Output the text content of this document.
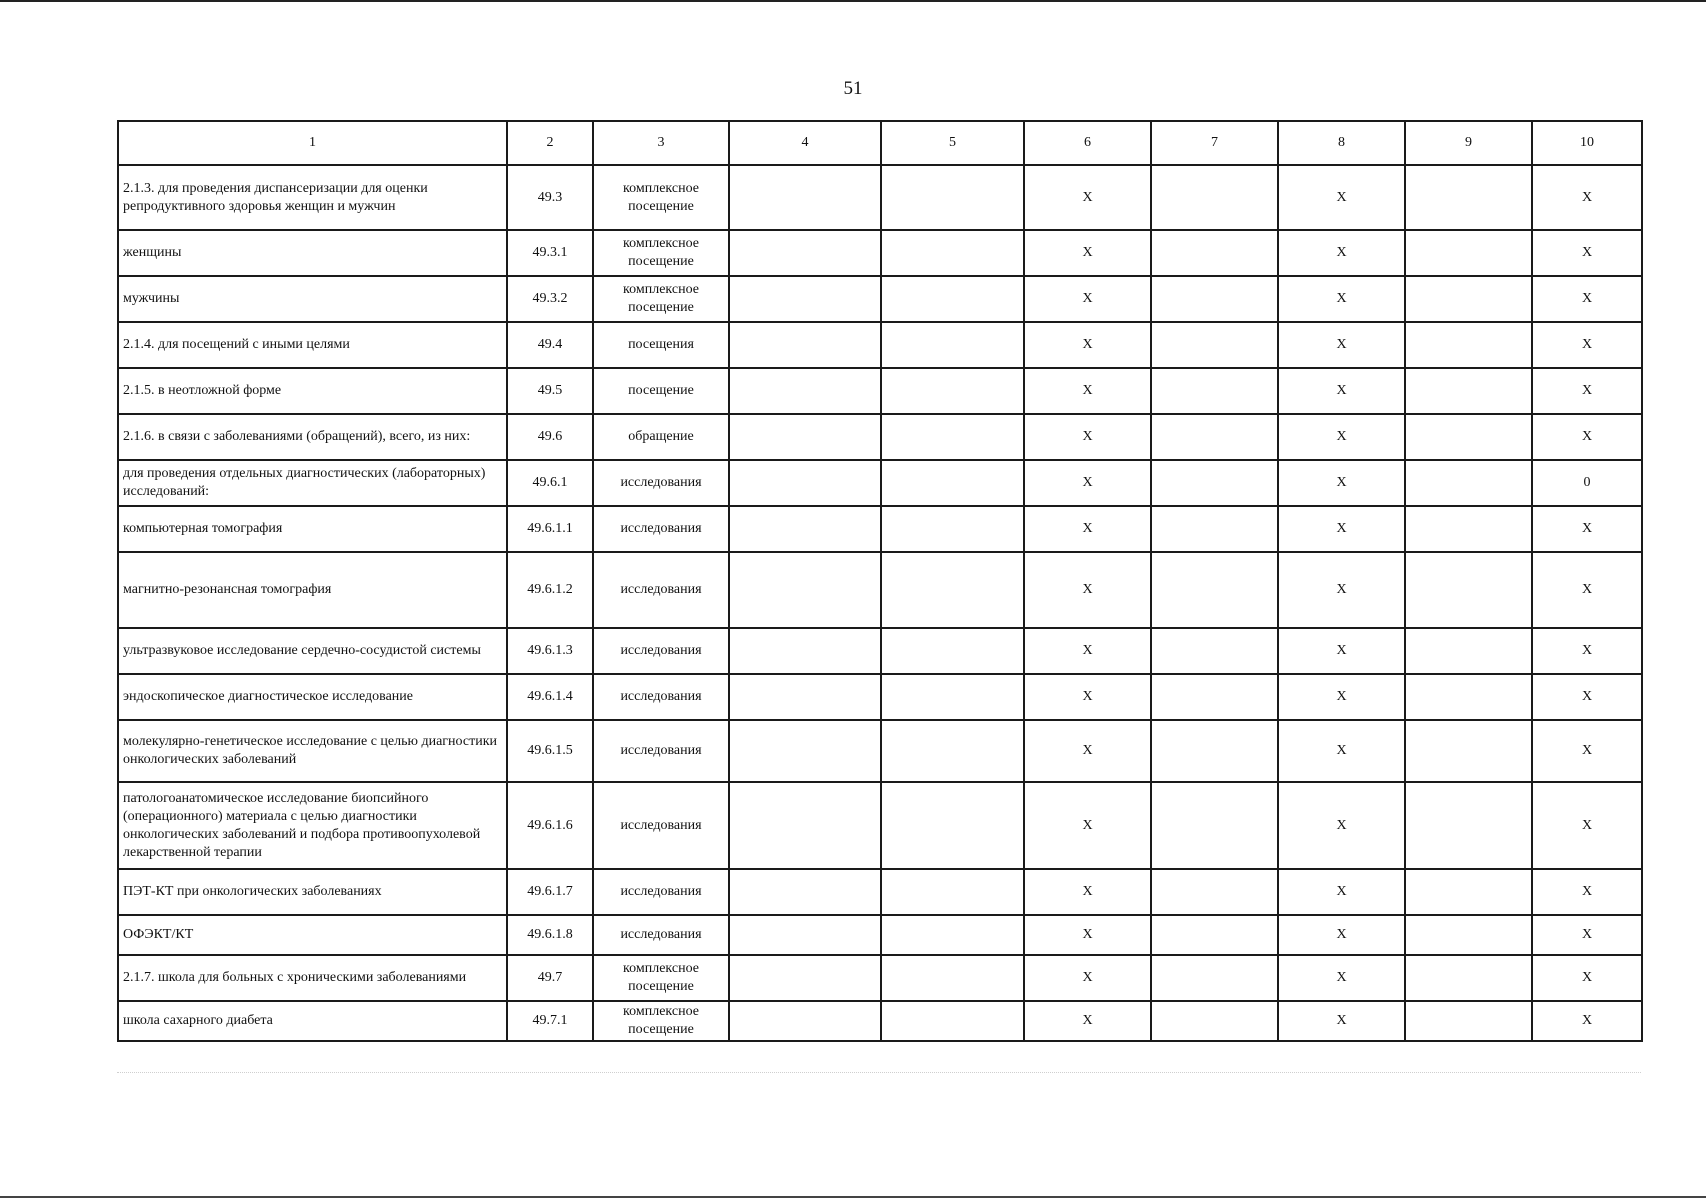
51
1	2	3	4	5	6	7	8	9	10
2.1.3. для проведения диспансеризации для оценки репродуктивного здоровья женщин и мужчин	49.3	комплексное посещение			X		X		X
женщины	49.3.1	комплексное посещение			X		X		X
мужчины	49.3.2	комплексное посещение			X		X		X
2.1.4. для посещений с иными целями	49.4	посещения			X		X		X
2.1.5. в неотложной форме	49.5	посещение			X		X		X
2.1.6. в связи с заболеваниями (обращений), всего, из них:	49.6	обращение			X		X		X
для проведения отдельных диагностических (лабораторных) исследований:	49.6.1	исследования			X		X		0
компьютерная томография	49.6.1.1	исследования			X		X		X
магнитно-резонансная томография	49.6.1.2	исследования			X		X		X
ультразвуковое исследование сердечно-сосудистой системы	49.6.1.3	исследования			X		X		X
эндоскопическое диагностическое исследование	49.6.1.4	исследования			X		X		X
молекулярно-генетическое исследование с целью диагностики онкологических заболеваний	49.6.1.5	исследования			X		X		X
патологоанатомическое исследование биопсийного (операционного) материала с целью диагностики онкологических заболеваний и подбора противоопухолевой лекарственной терапии	49.6.1.6	исследования			X		X		X
ПЭТ-КТ при онкологических заболеваниях	49.6.1.7	исследования			X		X		X
ОФЭКТ/КТ	49.6.1.8	исследования			X		X		X
2.1.7. школа для больных с хроническими заболеваниями	49.7	комплексное посещение			X		X		X
школа сахарного диабета	49.7.1	комплексное посещение			X		X		X
